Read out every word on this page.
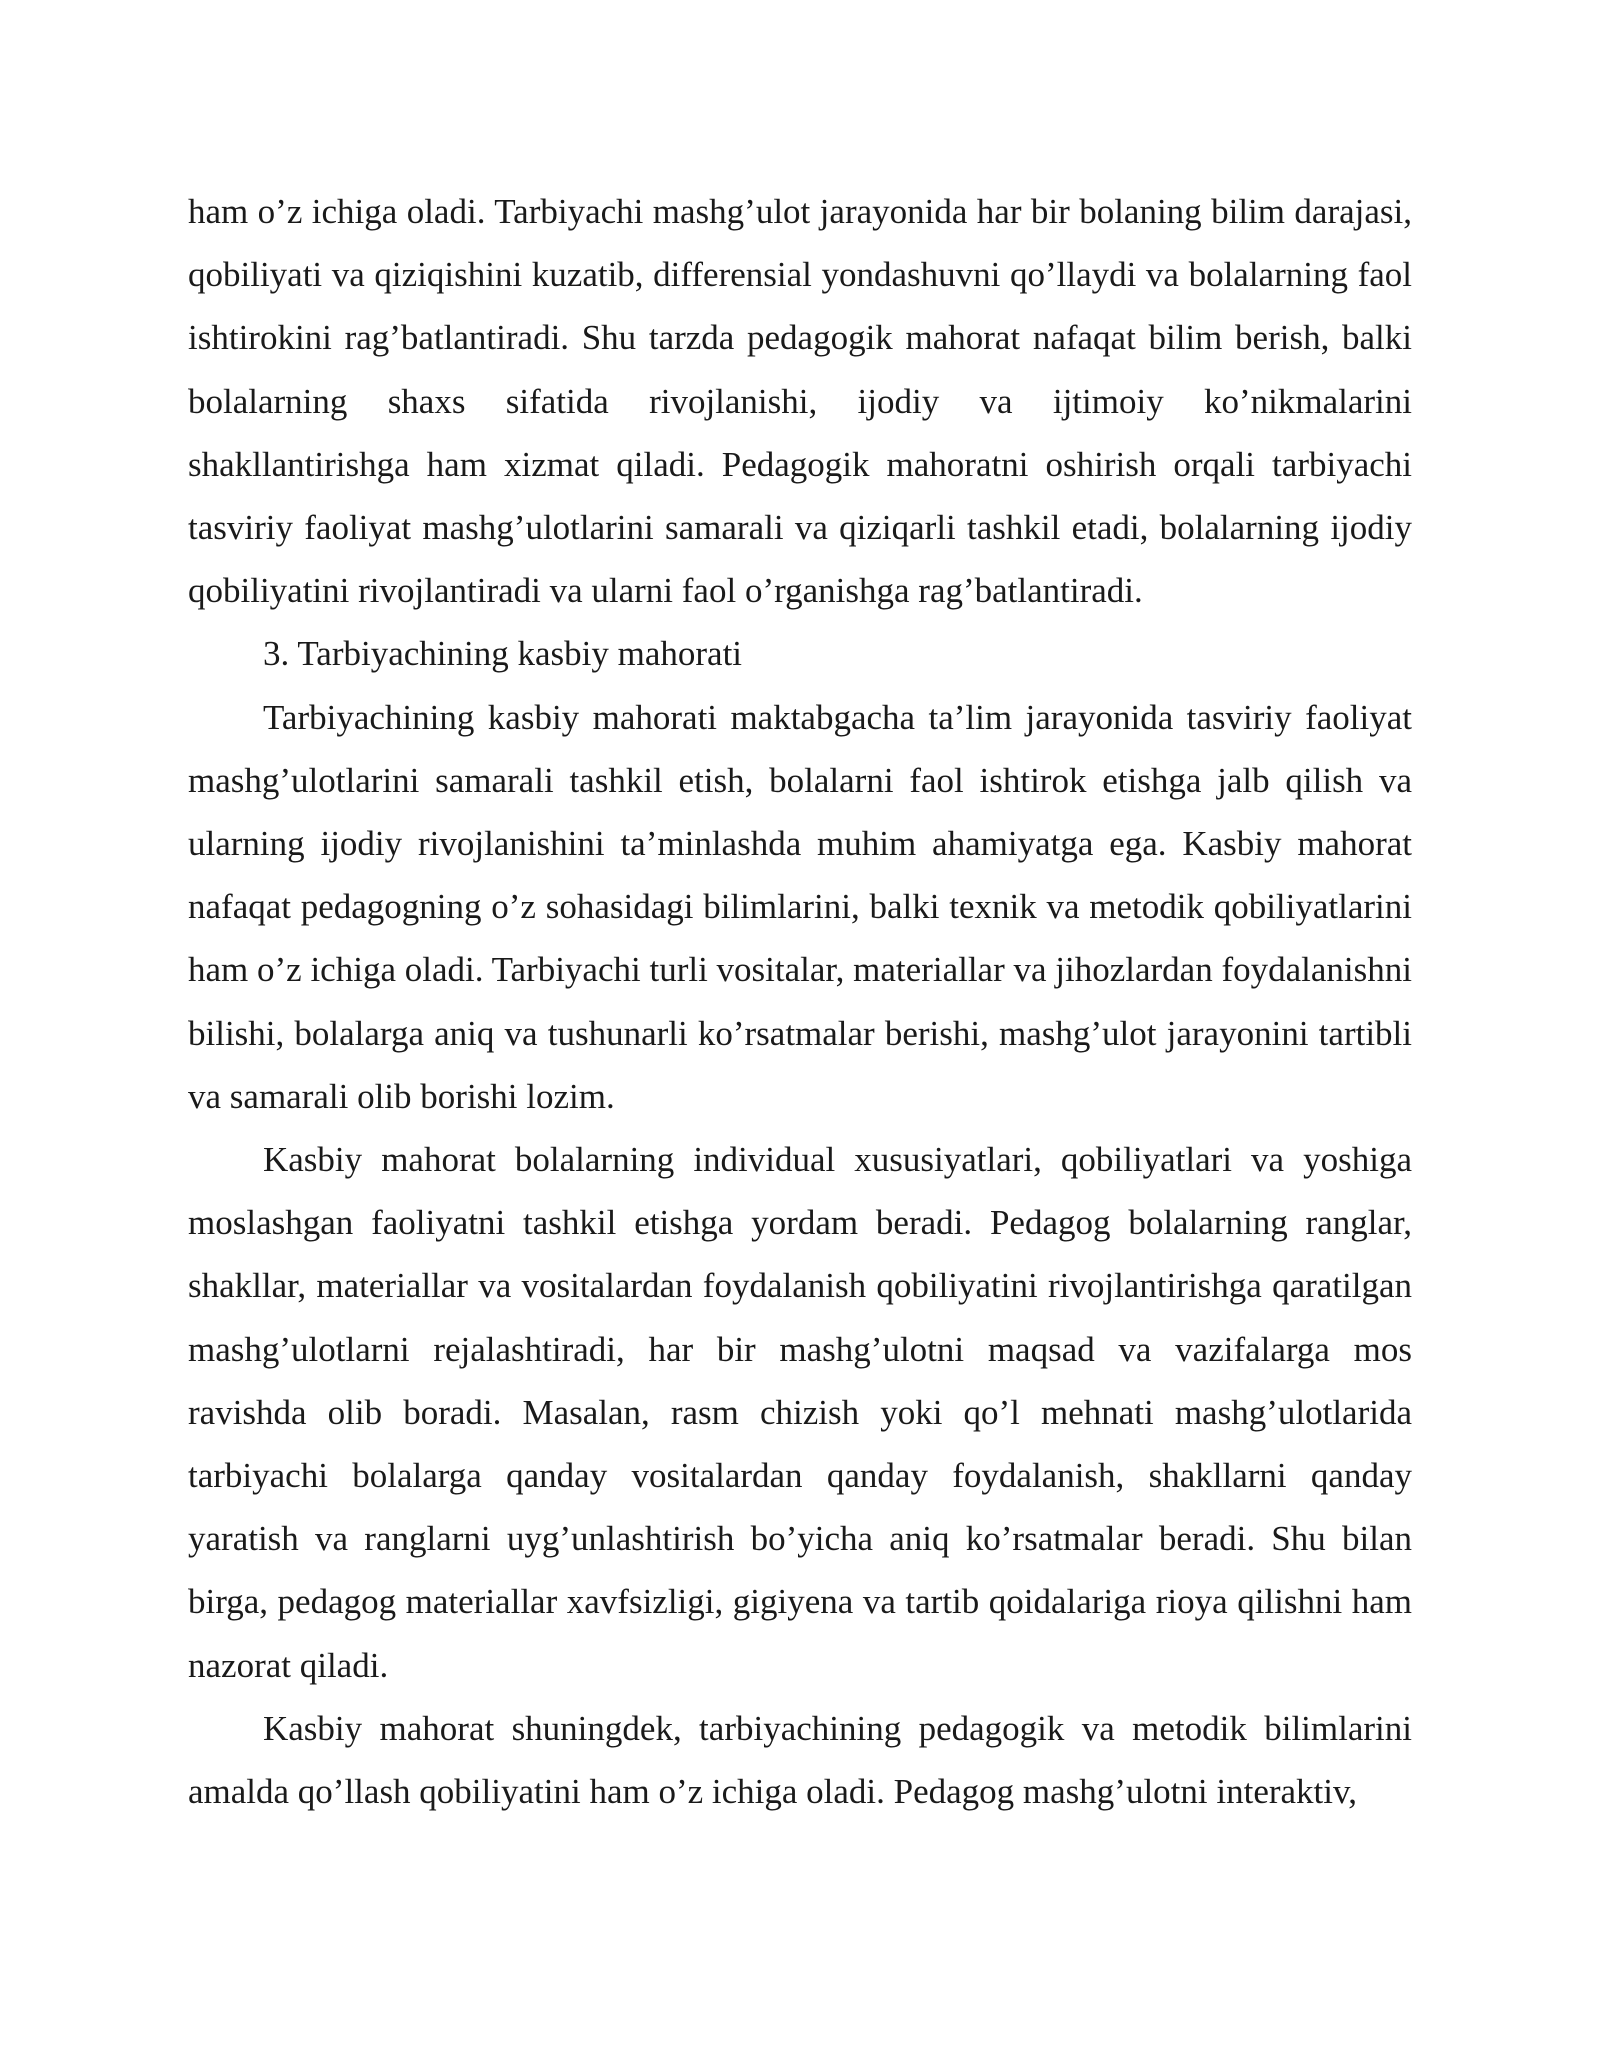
ham o’z ichiga oladi. Tarbiyachi mashg’ulot jarayonida har bir bolaning bilim darajasi, qobiliyati va qiziqishini kuzatib, differensial yondashuvni qo’llaydi va bolalarning faol ishtirokini rag’batlantiradi. Shu tarzda pedagogik mahorat nafaqat bilim berish, balki bolalarning shaxs sifatida rivojlanishi, ijodiy va ijtimoiy ko’nikmalarini shakllantirishga ham xizmat qiladi. Pedagogik mahoratni oshirish orqali tarbiyachi tasviriy faoliyat mashg’ulotlarini samarali va qiziqarli tashkil etadi, bolalarning ijodiy qobiliyatini rivojlantiradi va ularni faol o’rganishga rag’batlantiradi.

3. Tarbiyachining kasbiy mahorati

Tarbiyachining kasbiy mahorati maktabgacha ta’lim jarayonida tasviriy faoliyat mashg’ulotlarini samarali tashkil etish, bolalarni faol ishtirok etishga jalb qilish va ularning ijodiy rivojlanishini ta’minlashda muhim ahamiyatga ega. Kasbiy mahorat nafaqat pedagogning o’z sohasidagi bilimlarini, balki texnik va metodik qobiliyatlarini ham o’z ichiga oladi. Tarbiyachi turli vositalar, materiallar va jihozlardan foydalanishni bilishi, bolalarga aniq va tushunarli ko’rsatmalar berishi, mashg’ulot jarayonini tartibli va samarali olib borishi lozim.

Kasbiy mahorat bolalarning individual xususiyatlari, qobiliyatlari va yoshiga moslashgan faoliyatni tashkil etishga yordam beradi. Pedagog bolalarning ranglar, shakllar, materiallar va vositalardan foydalanish qobiliyatini rivojlantirishga qaratilgan mashg’ulotlarni rejalashtiradi, har bir mashg’ulotni maqsad va vazifalarga mos ravishda olib boradi. Masalan, rasm chizish yoki qo’l mehnati mashg’ulotlarida tarbiyachi bolalarga qanday vositalardan qanday foydalanish, shakllarni qanday yaratish va ranglarni uyg’unlashtirish bo’yicha aniq ko’rsatmalar beradi. Shu bilan birga, pedagog materiallar xavfsizligi, gigiyena va tartib qoidalariga rioya qilishni ham nazorat qiladi.

Kasbiy mahorat shuningdek, tarbiyachining pedagogik va metodik bilimlarini amalda qo’llash qobiliyatini ham o’z ichiga oladi. Pedagog mashg’ulotni interaktiv,
